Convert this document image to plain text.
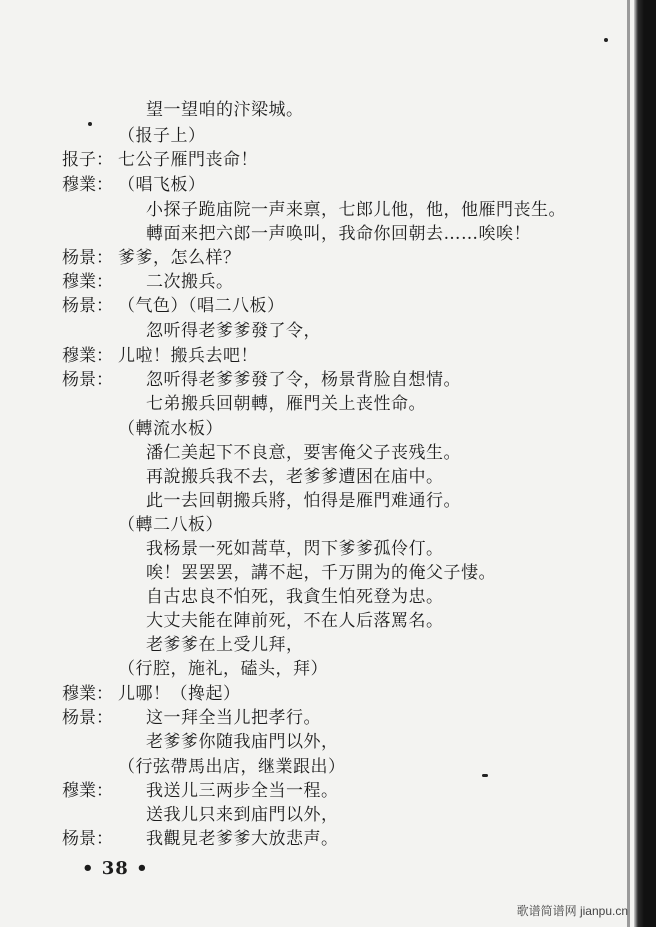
望一望咱的汴梁城。
（报子上）
报子： 七公子雁門丧命！
穆業： （唱飞板）
小探子跪庙院一声来禀，七郎儿他，他，他雁門丧生。
轉面来把六郎一声唤叫，我命你回朝去……唉唉！
杨景： 爹爹，怎么样？
穆業： 二次搬兵。
杨景： （气色）（唱二八板）
忽听得老爹爹發了令，
穆業： 儿啦！搬兵去吧！
杨景： 忽听得老爹爹發了令，杨景背脸自想情。
七弟搬兵回朝轉，雁門关上丧性命。
（轉流水板）
潘仁美起下不良意，要害俺父子丧残生。
再說搬兵我不去，老爹爹遭困在庙中。
此一去回朝搬兵將，怕得是雁門难通行。
（轉二八板）
我杨景一死如蒿草，閃下爹爹孤伶仃。
唉！罢罢罢，講不起，千万開为的俺父子悽。
自古忠良不怕死，我貪生怕死登为忠。
大丈夫能在陣前死，不在人后落罵名。
老爹爹在上受儿拜，
（行腔，施礼，磕头，拜）
穆業： 儿哪！（搀起）
杨景： 这一拜全当儿把孝行。
老爹爹你随我庙門以外，
（行弦帶馬出店，继業跟出）
穆業： 我送儿三两步全当一程。
送我儿只来到庙門以外，
杨景： 我觀見老爹爹大放悲声。
• 38 •
歌谱简谱网 jianpu.cn
